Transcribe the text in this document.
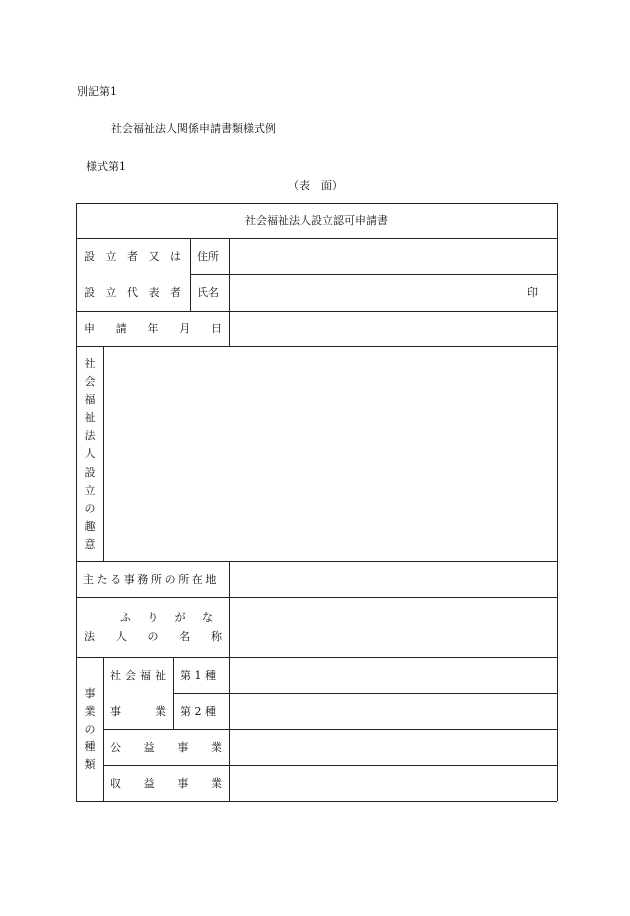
別記第1
社会福祉法人関係申請書類様式例
様式第1
（表　面）
社会福祉法人設立認可申請書
設 立 者 又 は
設 立 代 表 者
住所
氏名	印
申 請 年 月 日
社
会
福
祉
法
人
設
立
の
趣
意
主たる事務所の所在地
ふ り が な
法 人 の 名 称
事
業
の
種
類
社 会 福 祉
事	業
第 1 種
第 2 種
公 益 事 業
収 益 事 業
